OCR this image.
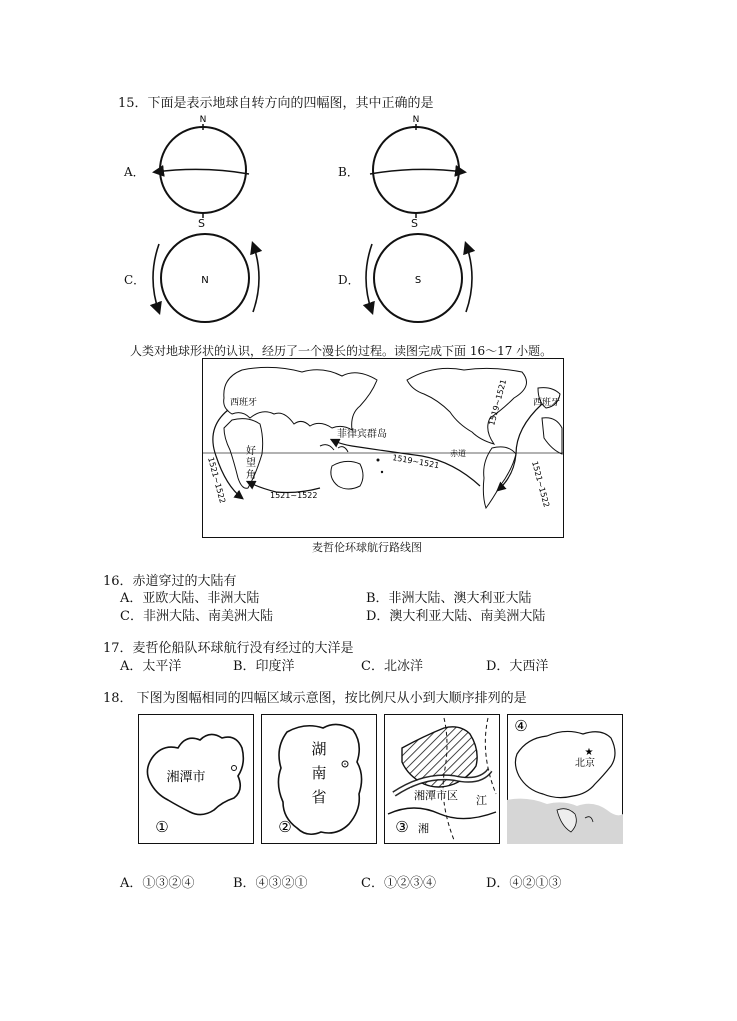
15．下面是表示地球自转方向的四幅图，其中正确的是
A．	B．
C．	D．
N
S
N
S
N	S
人类对地球形状的认识，经历了一个漫长的过程。读图完成下面 16～17 小题。
西班牙	西班牙
菲律宾群岛
赤道
好
望
角
1521~1522	1521~1522
1519~1521
1519~1521
1521~1522
麦哲伦环球航行路线图
16．赤道穿过的大陆有
A．亚欧大陆、非洲大陆	B．非洲大陆、澳大利亚大陆
C．非洲大陆、南美洲大陆	D．澳大利亚大陆、南美洲大陆
17．麦哲伦船队环球航行没有经过的大洋是
A．太平洋	B．印度洋	C．北冰洋	D．大西洋
18． 下图为图幅相同的四幅区域示意图，按比例尺从小到大顺序排列的是
湘潭市
①
湖
南
省
②
湘潭市区 江
湘
③
★
北京
④
A．①③②④	B．④③②①	C．①②③④	D．④②①③
